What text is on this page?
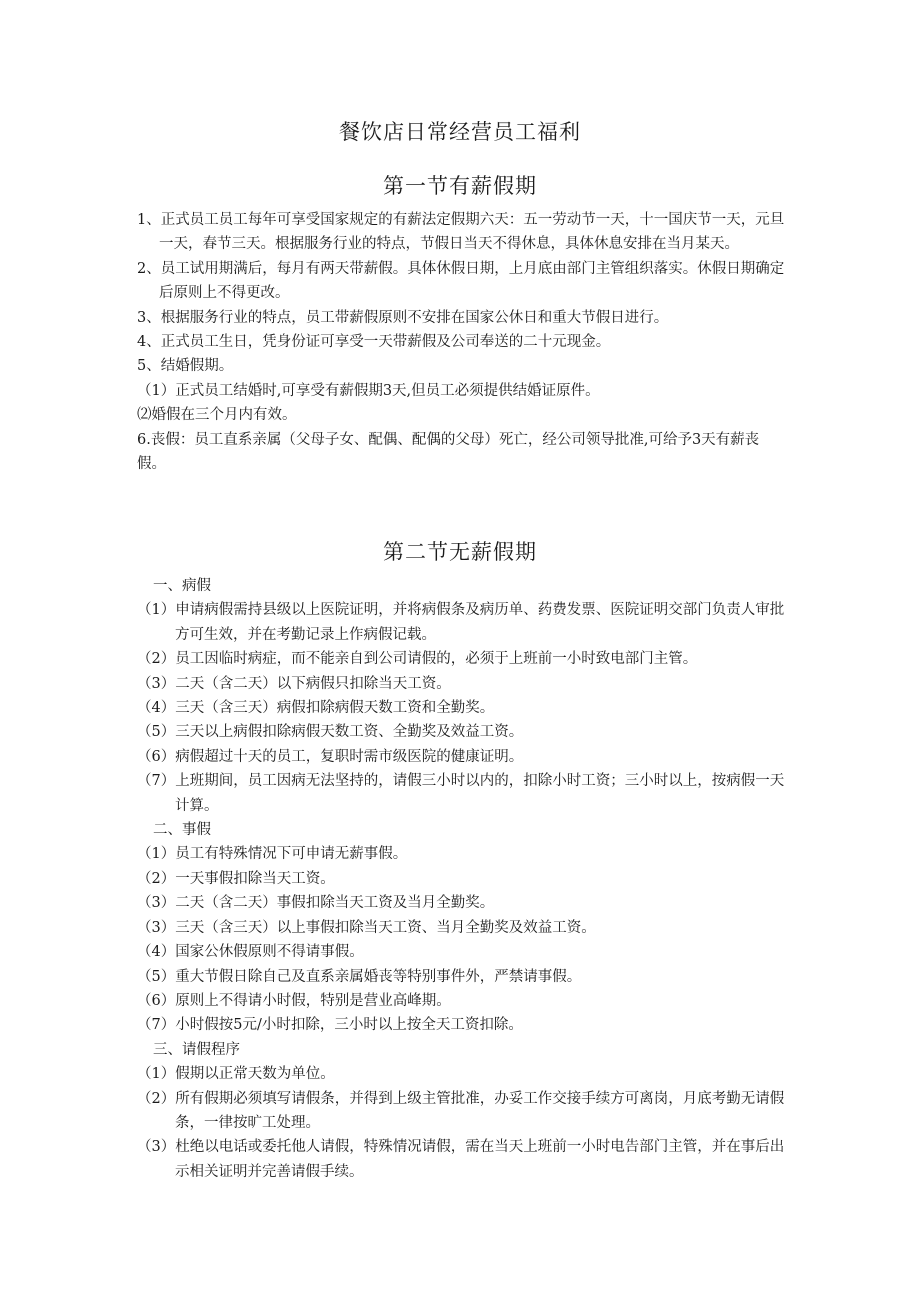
餐饮店日常经营员工福利
第一节有薪假期

1、正式员工员工每年可享受国家规定的有薪法定假期六天：五一劳动节一天，十一国庆节一天，元旦一天，春节三天。根据服务行业的特点，节假日当天不得休息，具体休息安排在当月某天。

2、员工试用期满后，每月有两天带薪假。具体休假日期，上月底由部门主管组织落实。休假日期确定后原则上不得更改。

3、根据服务行业的特点，员工带薪假原则不安排在国家公休日和重大节假日进行。

4、正式员工生日，凭身份证可享受一天带薪假及公司奉送的二十元现金。

5、结婚假期。

（1）正式员工结婚时,可享受有薪假期3天,但员工必须提供结婚证原件。

⑵婚假在三个月内有效。

6.丧假：员工直系亲属（父母子女、配偶、配偶的父母）死亡，经公司领导批准,可给予3天有薪丧假。

第二节无薪假期

一、病假

（1）申请病假需持县级以上医院证明，并将病假条及病历单、药费发票、医院证明交部门负责人审批方可生效，并在考勤记录上作病假记载。

（2）员工因临时病症，而不能亲自到公司请假的，必须于上班前一小时致电部门主管。

（3）二天（含二天）以下病假只扣除当天工资。

（4）三天（含三天）病假扣除病假天数工资和全勤奖。

（5）三天以上病假扣除病假天数工资、全勤奖及效益工资。

（6）病假超过十天的员工，复职时需市级医院的健康证明。

（7）上班期间，员工因病无法坚持的，请假三小时以内的，扣除小时工资；三小时以上，按病假一天计算。

二、事假

（1）员工有特殊情况下可申请无薪事假。

（2）一天事假扣除当天工资。

（3）二天（含二天）事假扣除当天工资及当月全勤奖。

（3）三天（含三天）以上事假扣除当天工资、当月全勤奖及效益工资。

（4）国家公休假原则不得请事假。

（5）重大节假日除自己及直系亲属婚丧等特别事件外，严禁请事假。

（6）原则上不得请小时假，特别是营业高峰期。

（7）小时假按5元/小时扣除，三小时以上按全天工资扣除。

三、请假程序

（1）假期以正常天数为单位。

（2）所有假期必须填写请假条，并得到上级主管批准，办妥工作交接手续方可离岗，月底考勤无请假条，一律按旷工处理。

（3）杜绝以电话或委托他人请假，特殊情况请假，需在当天上班前一小时电告部门主管，并在事后出示相关证明并完善请假手续。
